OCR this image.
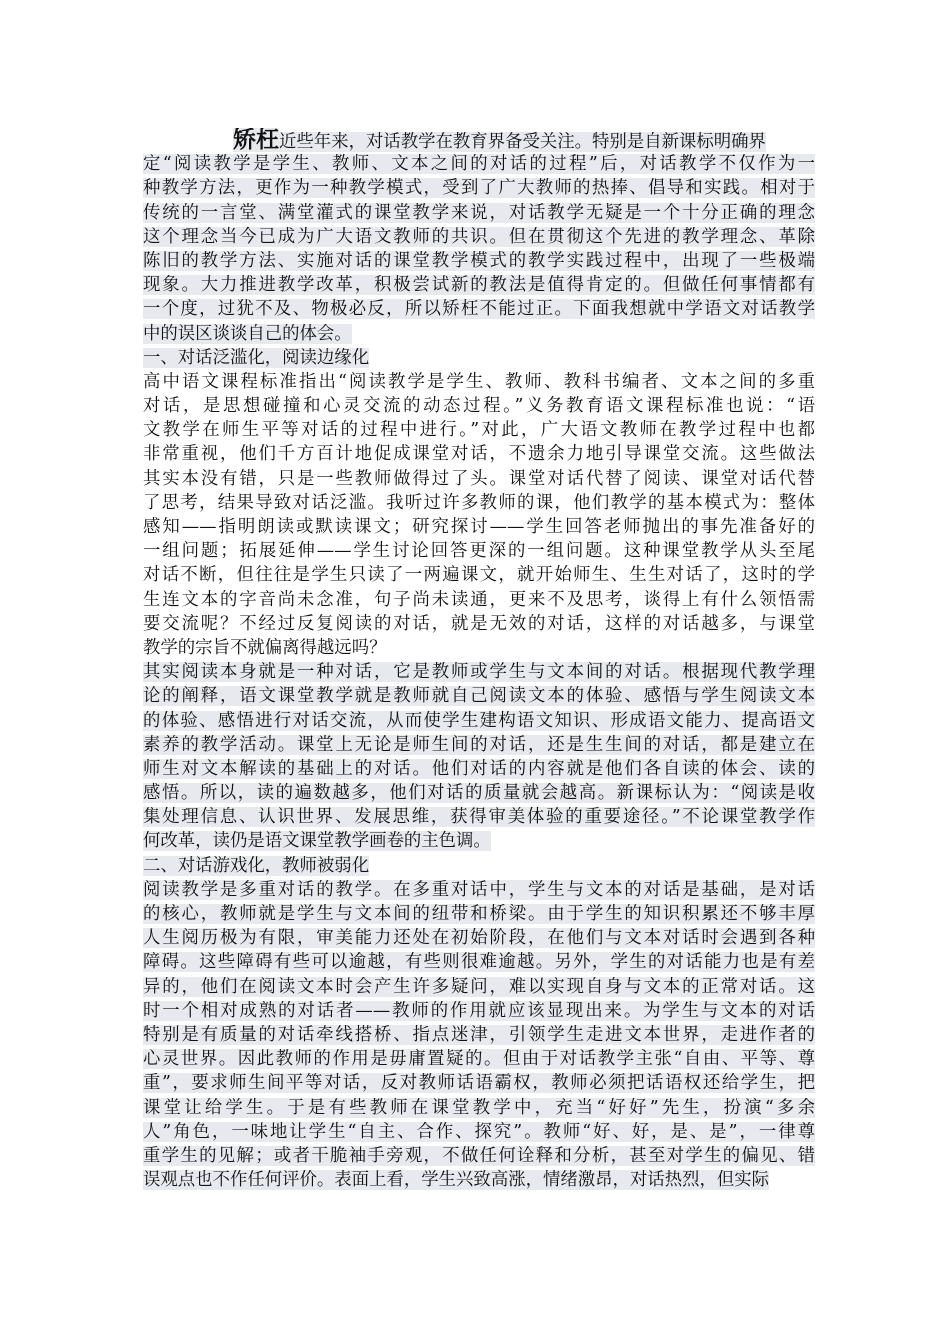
矫枉近些年来，对话教学在教育界备受关注。特别是自新课标明确界
定“阅读教学是学生、教师、文本之间的对话的过程”后，对话教学不仅作为一
种教学方法，更作为一种教学模式，受到了广大教师的热捧、倡导和实践。相对于
传统的一言堂、满堂灌式的课堂教学来说，对话教学无疑是一个十分正确的理念
这个理念当今已成为广大语文教师的共识。但在贯彻这个先进的教学理念、革除
陈旧的教学方法、实施对话的课堂教学模式的教学实践过程中，出现了一些极端
现象。大力推进教学改革，积极尝试新的教法是值得肯定的。但做任何事情都有
一个度，过犹不及、物极必反，所以矫枉不能过正。下面我想就中学语文对话教学
中的误区谈谈自己的体会。
一、对话泛滥化，阅读边缘化
高中语文课程标准指出“阅读教学是学生、教师、教科书编者、文本之间的多重
对话，是思想碰撞和心灵交流的动态过程。”义务教育语文课程标准也说：“语
文教学在师生平等对话的过程中进行。”对此，广大语文教师在教学过程中也都
非常重视，他们千方百计地促成课堂对话，不遗余力地引导课堂交流。这些做法
其实本没有错，只是一些教师做得过了头。课堂对话代替了阅读、课堂对话代替
了思考，结果导致对话泛滥。我听过许多教师的课，他们教学的基本模式为：整体
感知——指明朗读或默读课文；研究探讨——学生回答老师抛出的事先准备好的
一组问题；拓展延伸——学生讨论回答更深的一组问题。这种课堂教学从头至尾
对话不断，但往往是学生只读了一两遍课文，就开始师生、生生对话了，这时的学
生连文本的字音尚未念准，句子尚未读通，更来不及思考，谈得上有什么领悟需
要交流呢？不经过反复阅读的对话，就是无效的对话，这样的对话越多，与课堂
教学的宗旨不就偏离得越远吗？
其实阅读本身就是一种对话，它是教师或学生与文本间的对话。根据现代教学理
论的阐释，语文课堂教学就是教师就自己阅读文本的体验、感悟与学生阅读文本
的体验、感悟进行对话交流，从而使学生建构语文知识、形成语文能力、提高语文
素养的教学活动。课堂上无论是师生间的对话，还是生生间的对话，都是建立在
师生对文本解读的基础上的对话。他们对话的内容就是他们各自读的体会、读的
感悟。所以，读的遍数越多，他们对话的质量就会越高。新课标认为：“阅读是收
集处理信息、认识世界、发展思维，获得审美体验的重要途径。”不论课堂教学作
何改革，读仍是语文课堂教学画卷的主色调。
二、对话游戏化，教师被弱化
阅读教学是多重对话的教学。在多重对话中，学生与文本的对话是基础，是对话
的核心，教师就是学生与文本间的纽带和桥梁。由于学生的知识积累还不够丰厚
人生阅历极为有限，审美能力还处在初始阶段，在他们与文本对话时会遇到各种
障碍。这些障碍有些可以逾越，有些则很难逾越。另外，学生的对话能力也是有差
异的，他们在阅读文本时会产生许多疑问，难以实现自身与文本的正常对话。这
时一个相对成熟的对话者——教师的作用就应该显现出来。为学生与文本的对话
特别是有质量的对话牵线搭桥、指点迷津，引领学生走进文本世界，走进作者的
心灵世界。因此教师的作用是毋庸置疑的。但由于对话教学主张“自由、平等、尊
重”，要求师生间平等对话，反对教师话语霸权，教师必须把话语权还给学生，把
课堂让给学生。于是有些教师在课堂教学中，充当“好好”先生，扮演“多余
人”角色，一味地让学生“自主、合作、探究”。教师“好、好，是、是”，一律尊
重学生的见解；或者干脆袖手旁观，不做任何诠释和分析，甚至对学生的偏见、错
误观点也不作任何评价。表面上看，学生兴致高涨，情绪激昂，对话热烈，但实际
